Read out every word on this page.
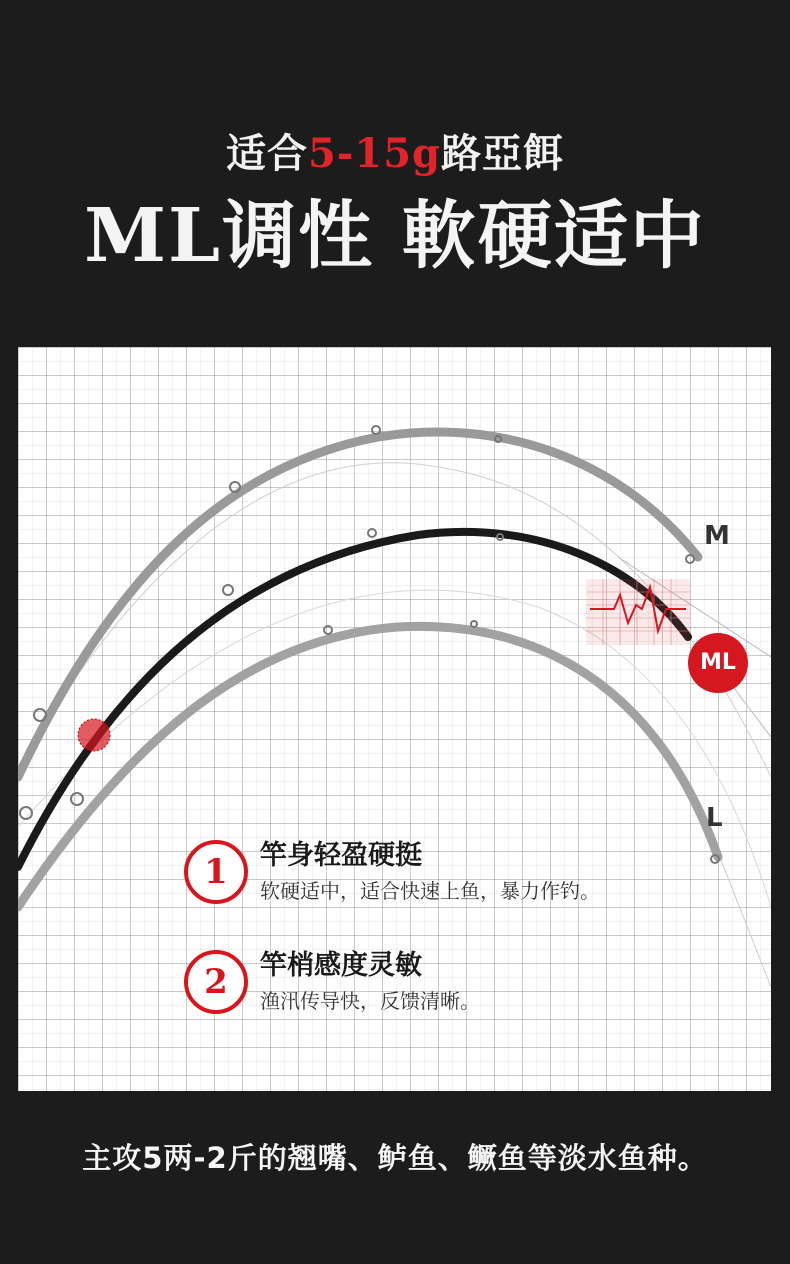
适合5-15g路亞餌
ML调性 軟硬适中
M
ML
L
1	竿身轻盈硬挺
软硬适中，适合快速上鱼，暴力作钓。
2	竿梢感度灵敏
渔汛传导快，反馈清晰。
主攻5两-2斤的翘嘴、鲈鱼、鳜鱼等淡水鱼种。
